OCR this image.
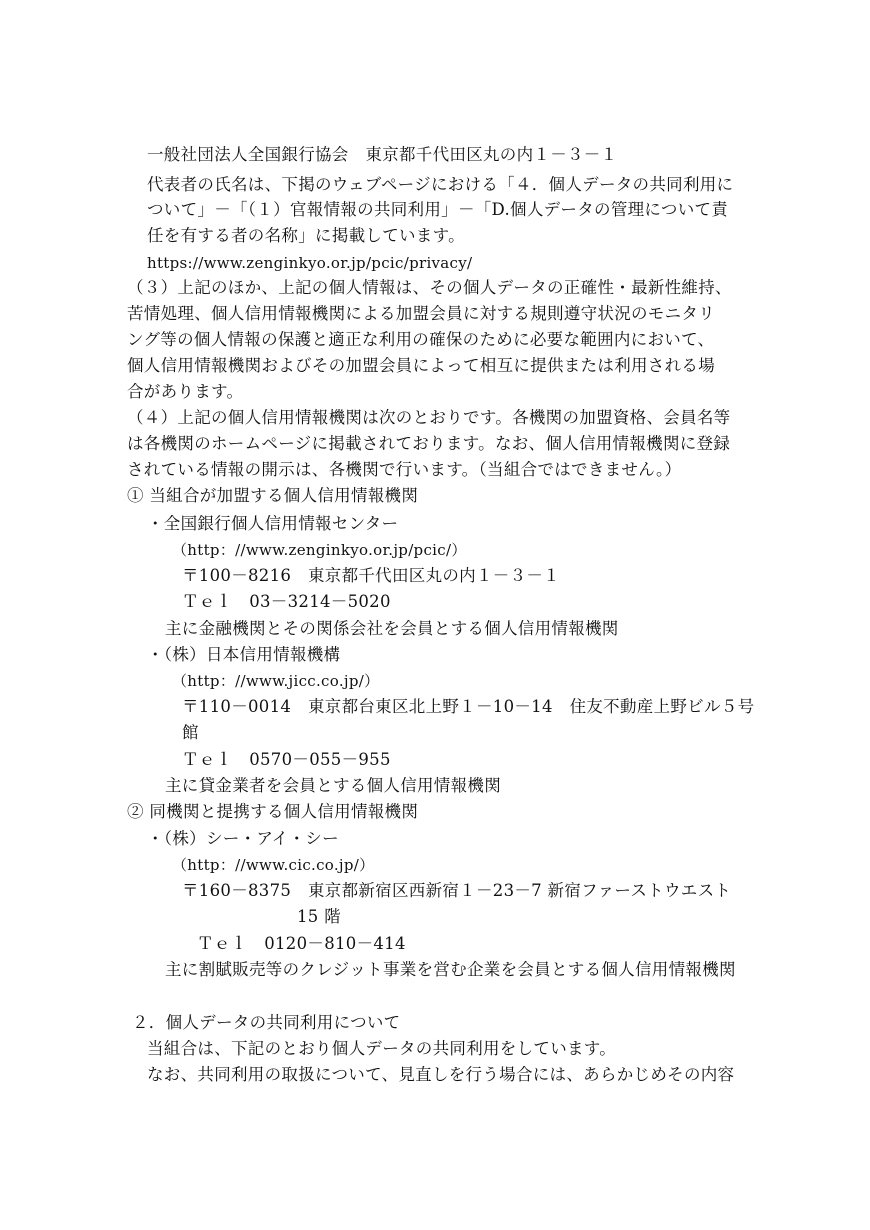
一般社団法人全国銀行協会　東京都千代田区丸の内１－３－１
代表者の氏名は、下掲のウェブページにおける「４．個人データの共同利用に
ついて」－「（１）官報情報の共同利用」－「D.個人データの管理について責
任を有する者の名称」に掲載しています。
https://www.zenginkyo.or.jp/pcic/privacy/
（３）上記のほか、上記の個人情報は、その個人データの正確性・最新性維持、
苦情処理、個人信用情報機関による加盟会員に対する規則遵守状況のモニタリ
ング等の個人情報の保護と適正な利用の確保のために必要な範囲内において、
個人信用情報機関およびその加盟会員によって相互に提供または利用される場
合があります。
（４）上記の個人信用情報機関は次のとおりです。各機関の加盟資格、会員名等
は各機関のホームページに掲載されております。なお、個人信用情報機関に登録
されている情報の開示は、各機関で行います。（当組合ではできません。）
① 当組合が加盟する個人信用情報機関
・全国銀行個人信用情報センター
（http：//www.zenginkyo.or.jp/pcic/）
〒100－8216　東京都千代田区丸の内１－３－１
Ｔｅｌ　03－3214－5020
主に金融機関とその関係会社を会員とする個人信用情報機関
・（株）日本信用情報機構
（http：//www.jicc.co.jp/）
〒110－0014　東京都台東区北上野１－10－14　住友不動産上野ビル５号
館
Ｔｅｌ　0570－055－955
主に貸金業者を会員とする個人信用情報機関
② 同機関と提携する個人信用情報機関
・（株）シー・アイ・シー
（http：//www.cic.co.jp/）
〒160－8375　東京都新宿区西新宿１－23－7 新宿ファーストウエスト
15 階
Ｔｅｌ　0120－810－414
主に割賦販売等のクレジット事業を営む企業を会員とする個人信用情報機関
２．個人データの共同利用について
当組合は、下記のとおり個人データの共同利用をしています。
なお、共同利用の取扱について、見直しを行う場合には、あらかじめその内容
